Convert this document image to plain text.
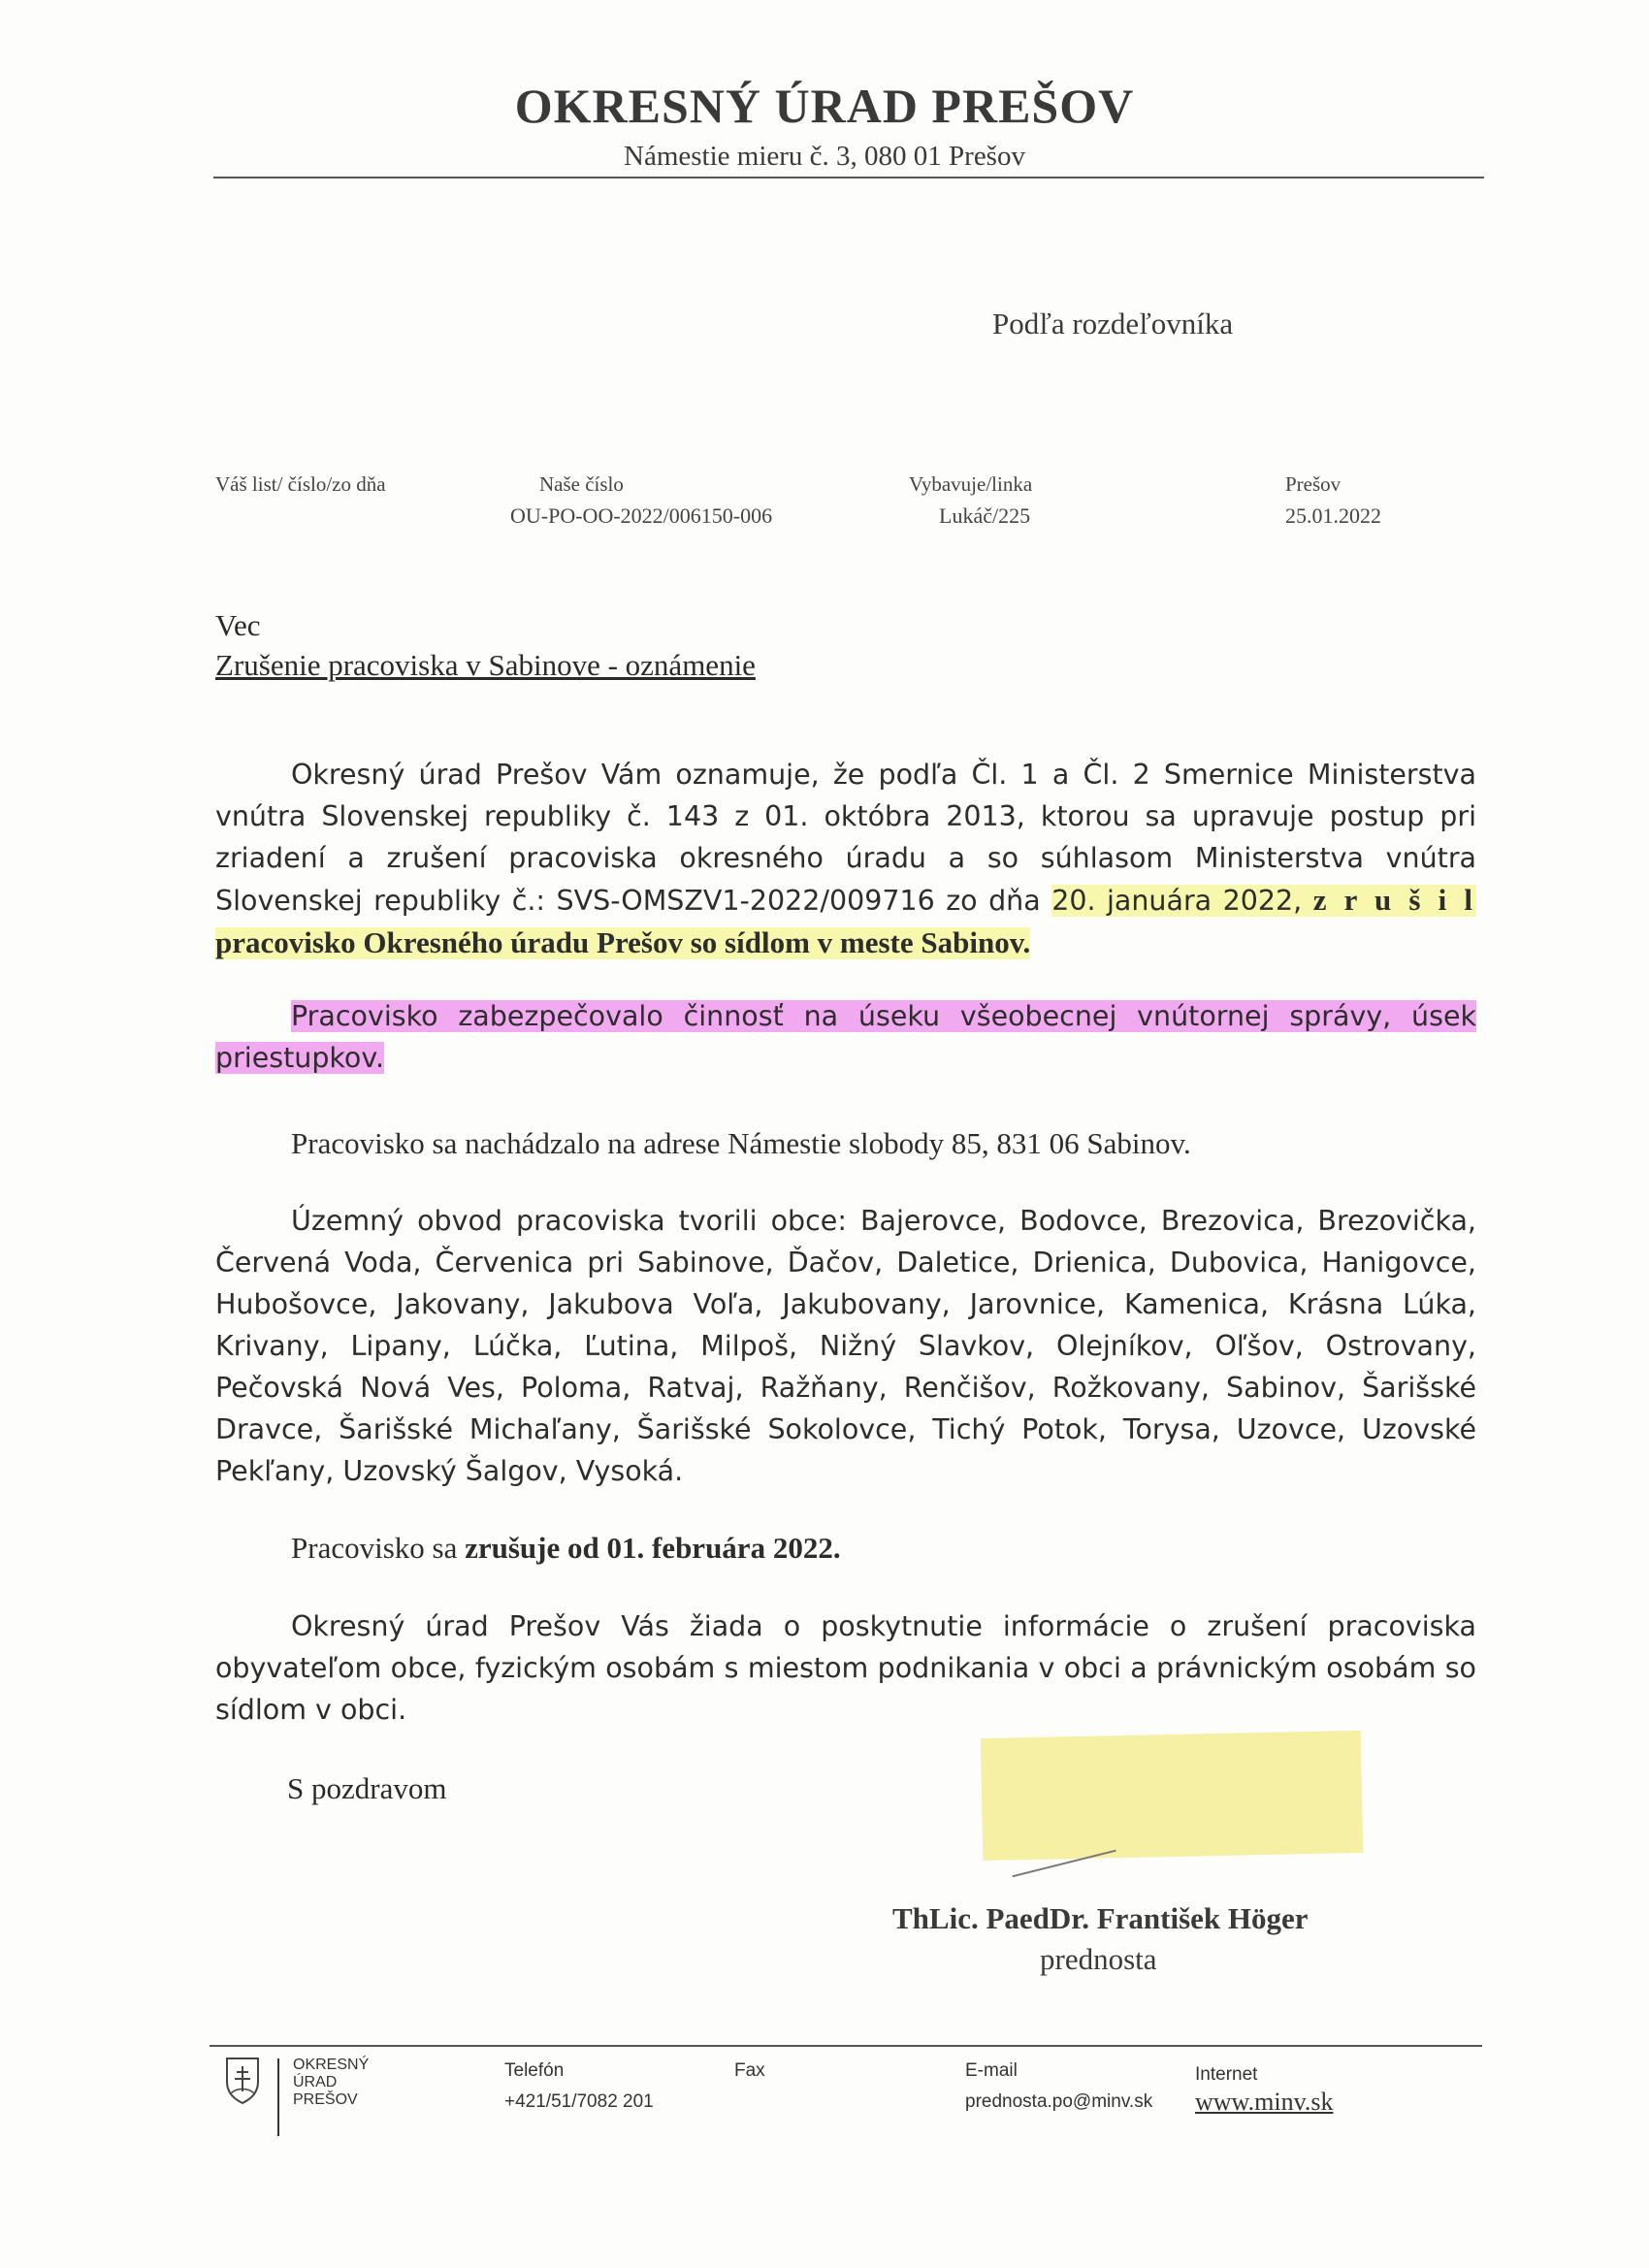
OKRESNÝ ÚRAD PREŠOV
Námestie mieru č. 3, 080 01 Prešov
Podľa rozdeľovníka
Váš list/ číslo/zo dňa	Naše číslo
OU-PO-OO-2022/006150-006
Vybavuje/linka
Lukáč/225
Prešov
25.01.2022
Vec
Zrušenie pracoviska v Sabinove - oznámenie

Okresný úrad Prešov Vám oznamuje, že podľa Čl. 1 a Čl. 2 Smernice Ministerstva vnútra Slovenskej republiky č. 143 z 01. októbra 2013, ktorou sa upravuje postup pri zriadení a zrušení pracoviska okresného úradu a so súhlasom Ministerstva vnútra Slovenskej republiky č.: SVS-OMSZV1-2022/009716 zo dňa 20. januára 2022, z r u š i l pracovisko Okresného úradu Prešov so sídlom v meste Sabinov.

Pracovisko zabezpečovalo činnosť na úseku všeobecnej vnútornej správy, úsek priestupkov.

Pracovisko sa nachádzalo na adrese Námestie slobody 85, 831 06 Sabinov.

Územný obvod pracoviska tvorili obce: Bajerovce, Bodovce, Brezovica, Brezovička, Červená Voda, Červenica pri Sabinove, Ďačov, Daletice, Drienica, Dubovica, Hanigovce, Hubošovce, Jakovany, Jakubova Voľa, Jakubovany, Jarovnice, Kamenica, Krásna Lúka, Krivany, Lipany, Lúčka, Ľutina, Milpoš, Nižný Slavkov, Olejníkov, Oľšov, Ostrovany, Pečovská Nová Ves, Poloma, Ratvaj, Ražňany, Renčišov, Rožkovany, Sabinov, Šarišské Dravce, Šarišské Michaľany, Šarišské Sokolovce, Tichý Potok, Torysa, Uzovce, Uzovské Pekľany, Uzovský Šalgov, Vysoká.

Pracovisko sa zrušuje od 01. februára 2022.

Okresný úrad Prešov Vás žiada o poskytnutie informácie o zrušení pracoviska obyvateľom obce, fyzickým osobám s miestom podnikania v obci a právnickým osobám so sídlom v obci.

S pozdravom
ThLic. PaedDr. František Höger
prednosta
OKRESNÝ
ÚRAD
PREŠOV
Telefón
+421/51/7082 201
Fax	E-mail
prednosta.po@minv.sk
Internet
www.minv.sk
